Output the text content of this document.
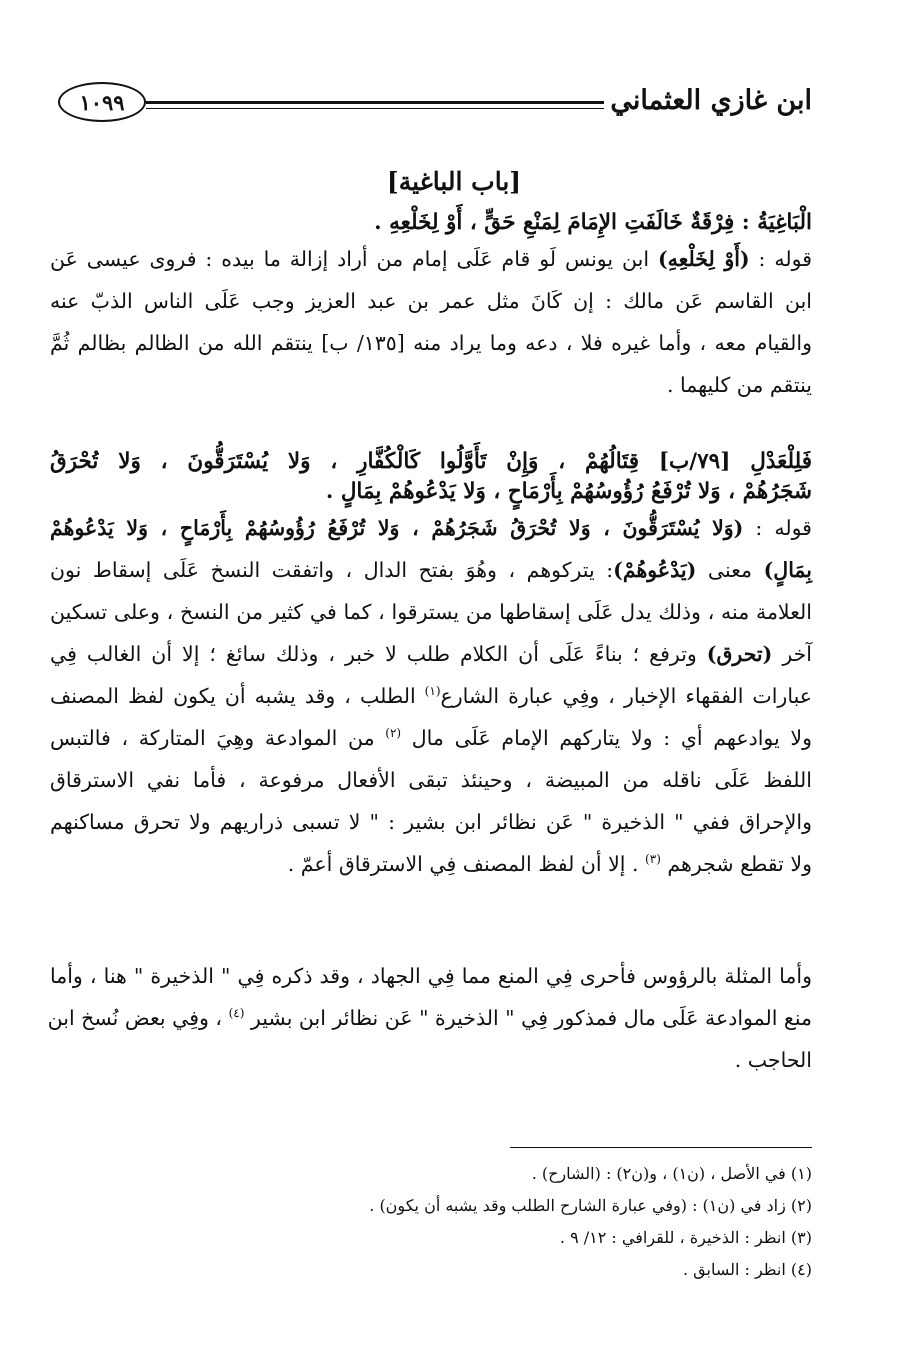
ابن غازي العثماني
١٠٩٩
[باب الباغية]
الْبَاغِيَةُ : فِرْقَةٌ خَالَفَتِ الإِمَامَ لِمَنْعِ حَقٍّ ، أَوْ لِخَلْعِهِ .
قوله : (أَوْ لِخَلْعِهِ) ابن يونس لَو قام عَلَى إمام من أراد إزالة ما بيده : فروى عيسى عَن
ابن القاسم عَن مالك : إن كَانَ مثل عمر بن عبد العزيز وجب عَلَى الناس الذبّ عنه
والقيام معه ، وأما غيره فلا ، دعه وما يراد منه [١٣٥/ ب] ينتقم الله من الظالم بظالم ثُمَّ
ينتقم من كليهما .
فَلِلْعَدْلِ [٧٩/ب] قِتَالُهُمْ ، وَإِنْ تَأَوَّلُوا كَالْكُفَّارِ ، وَلا يُسْتَرَقُّونَ ، وَلا تُحْرَقُ
شَجَرُهُمْ ، وَلا تُرْفَعُ رُؤُوسُهُمْ بِأَرْمَاحٍ ، وَلا يَدْعُوهُمْ بِمَالٍ .
قوله : (وَلا يُسْتَرَقُّونَ ، وَلا تُحْرَقُ شَجَرُهُمْ ، وَلا تُرْفَعُ رُؤُوسُهُمْ بِأَرْمَاحٍ ، وَلا يَدْعُوهُمْ
بِمَالٍ) معنى (يَدْعُوهُمْ): يتركوهم ، وهُوَ بفتح الدال ، واتفقت النسخ عَلَى إسقاط نون
العلامة منه ، وذلك يدل عَلَى إسقاطها من يسترقوا ، كما في كثير من النسخ ، وعلى تسكين
آخر (تحرق) وترفع ؛ بناءً عَلَى أن الكلام طلب لا خبر ، وذلك سائغ ؛ إلا أن الغالب فِي
عبارات الفقهاء الإخبار ، وفِي عبارة الشارع$^{(١)}$ الطلب ، وقد يشبه أن يكون لفظ المصنف
ولا يوادعهم أي : ولا يتاركهم الإمام عَلَى مال $^{(٢)}$ من الموادعة وهِيَ المتاركة ، فالتبس
اللفظ عَلَى ناقله من المبيضة ، وحينئذ تبقى الأفعال مرفوعة ، فأما نفي الاسترقاق
والإحراق ففي " الذخيرة " عَن نظائر ابن بشير : " لا تسبى ذراريهم ولا تحرق مساكنهم
ولا تقطع شجرهم $^{(٣)}$ . إلا أن لفظ المصنف فِي الاسترقاق أعمّ .
وأما المثلة بالرؤوس فأحرى فِي المنع مما فِي الجهاد ، وقد ذكره فِي " الذخيرة " هنا ، وأما
منع الموادعة عَلَى مال فمذكور فِي " الذخيرة " عَن نظائر ابن بشير $^{(٤)}$ ، وفِي بعض نُسخ ابن
الحاجب .
(١) في الأصل ، (ن١) ، و(ن٢) : (الشارح) .
(٢) زاد في (ن١) : (وفي عبارة الشارح الطلب وقد يشبه أن يكون) .
(٣) انظر : الذخيرة ، للقرافي : ١٢/ ٩ .
(٤) انظر : السابق .
